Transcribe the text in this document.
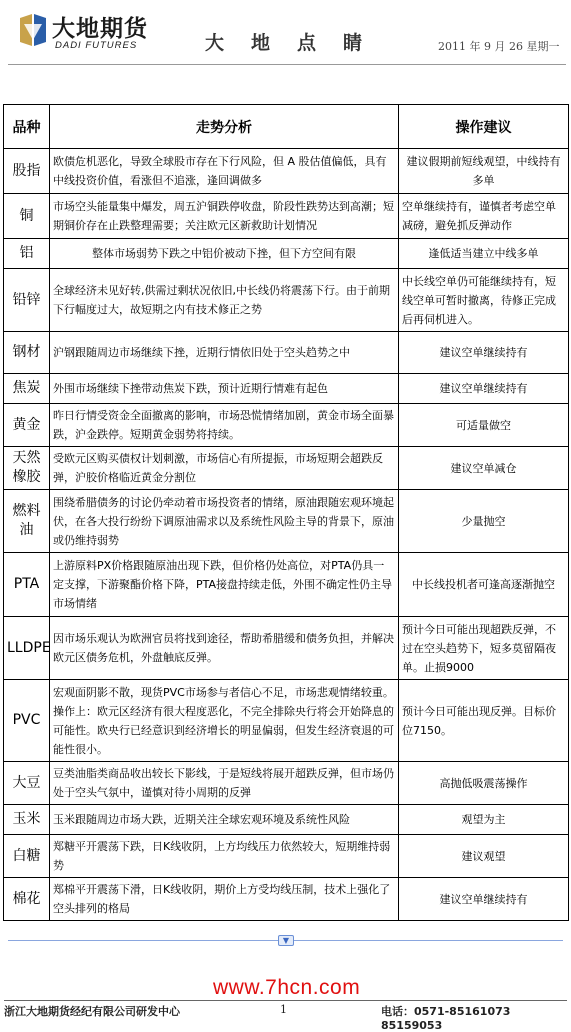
大地期货
DADI FUTURES	大地点睛	2011 年 9 月 26 星期一
品种	走势分析	操作建议
股指	欧债危机恶化，导致全球股市存在下行风险，但 A 股估值偏低，具有中线投资价值，看涨但不追涨，逢回调做多	建议假期前短线观望，中线持有多单
铜	市场空头能量集中爆发，周五沪铜跌停收盘，阶段性跌势达到高潮；短期铜价存在止跌整理需要；关注欧元区新救助计划情况	空单继续持有，谨慎者考虑空单减磅，避免抓反弹动作
铝	整体市场弱势下跌之中铝价被动下挫，但下方空间有限	逢低适当建立中线多单
铅锌	全球经济未见好转,供需过剩状况依旧,中长线仍将震荡下行。由于前期下行幅度过大，故短期之内有技术修正之势	中长线空单仍可能继续持有，短线空单可暂时撤离，待修正完成后再伺机进入。
钢材	沪钢跟随周边市场继续下挫，近期行情依旧处于空头趋势之中	建议空单继续持有
焦炭	外围市场继续下挫带动焦炭下跌，预计近期行情难有起色	建议空单继续持有
黄金	昨日行情受资金全面撤离的影响，市场恐慌情绪加剧，黄金市场全面暴跌，沪金跌停。短期黄金弱势将持续。	可适量做空
天然橡胶	受欧元区购买债权计划刺激，市场信心有所提振，市场短期会超跌反弹，沪胶价格临近黄金分割位	建议空单减仓
燃料油	围绕希腊债务的讨论仍牵动着市场投资者的情绪，原油跟随宏观环境起伏，在各大投行纷纷下调原油需求以及系统性风险主导的背景下，原油或仍维持弱势	少量抛空
PTA	上游原料PX价格跟随原油出现下跌，但价格仍处高位，对PTA仍具一定支撑，下游聚酯价格下降，PTA接盘持续走低，外围不确定性仍主导市场情绪	中长线投机者可逢高逐渐抛空
LLDPE	因市场乐观认为欧洲官员将找到途径，帮助希腊缓和债务负担，并解决欧元区债务危机，外盘触底反弹。	预计今日可能出现超跌反弹，不过在空头趋势下，短多莫留隔夜单。止损9000
PVC	宏观面阴影不散，现货PVC市场参与者信心不足，市场悲观情绪较重。操作上：欧元区经济有很大程度恶化，不完全排除央行将会开始降息的可能性。欧央行已经意识到经济增长的明显偏弱，但发生经济衰退的可能性很小。	预计今日可能出现反弹。目标价位7150。
大豆	豆类油脂类商品收出较长下影线，于是短线将展开超跌反弹，但市场仍处于空头气氛中，谨慎对待小周期的反弹	高抛低吸震荡操作
玉米	玉米跟随周边市场大跌，近期关注全球宏观环境及系统性风险	观望为主
白糖	郑糖平开震荡下跌，日K线收阴，上方均线压力依然较大，短期维持弱势	建议观望
棉花	郑棉平开震荡下滑，日K线收阴，期价上方受均线压制，技术上强化了空头排列的格局	建议空单继续持有
▼
www.7hcn.com
浙江大地期货经纪有限公司研发中心	1	电话：0571-85161073 85159053
